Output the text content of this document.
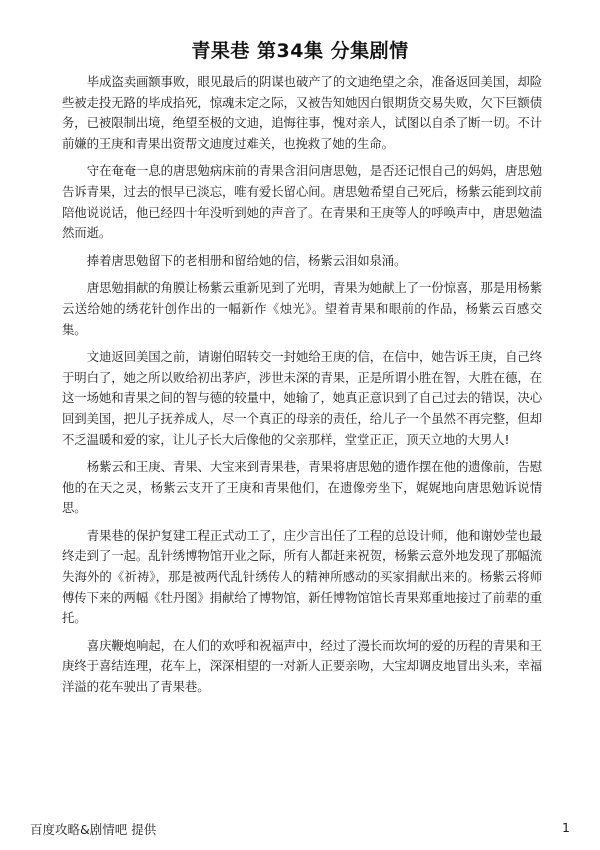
青果巷 第34集 分集剧情

毕成盗卖画额事败，眼见最后的阴谋也破产了的文迪绝望之余，准备返回美国，却险些被走投无路的毕成掐死，惊魂未定之际，又被告知她因白银期货交易失败，欠下巨额债务，已被限制出境，绝望至极的文迪，追悔往事，愧对亲人，试图以自杀了断一切。不计前嫌的王庚和青果出资帮文迪度过难关，也挽救了她的生命。

守在奄奄一息的唐思勉病床前的青果含泪问唐思勉，是否还记恨自己的妈妈，唐思勉告诉青果，过去的恨早已淡忘，唯有爱长留心间。唐思勉希望自己死后，杨紫云能到坟前陪他说说话，他已经四十年没听到她的声音了。在青果和王庚等人的呼唤声中，唐思勉溘然而逝。

捧着唐思勉留下的老相册和留给她的信，杨紫云泪如泉涌。

唐思勉捐献的角膜让杨紫云重新见到了光明，青果为她献上了一份惊喜，那是用杨紫云送给她的绣花针创作出的一幅新作《烛光》。望着青果和眼前的作品，杨紫云百感交集。

文迪返回美国之前，请谢伯昭转交一封她给王庚的信，在信中，她告诉王庚，自己终于明白了，她之所以败给初出茅庐，涉世未深的青果，正是所谓小胜在智，大胜在德，在这一场她和青果之间的智与德的较量中，她输了，她真正意识到了自己过去的错误，决心回到美国，把儿子抚养成人，尽一个真正的母亲的责任，给儿子一个虽然不再完整，但却不乏温暖和爱的家，让儿子长大后像他的父亲那样，堂堂正正，顶天立地的大男人!

杨紫云和王庚、青果、大宝来到青果巷，青果将唐思勉的遗作摆在他的遗像前，告慰他的在天之灵，杨紫云支开了王庚和青果他们，在遗像旁坐下，娓娓地向唐思勉诉说情思。

青果巷的保护复建工程正式动工了，庄少言出任了工程的总设计师，他和谢妙莹也最终走到了一起。乱针绣博物馆开业之际，所有人都赶来祝贺，杨紫云意外地发现了那幅流失海外的《祈祷》，那是被两代乱针绣传人的精神所感动的买家捐献出来的。杨紫云将师傅传下来的两幅《牡丹图》捐献给了博物馆，新任博物馆馆长青果郑重地接过了前辈的重托。

喜庆鞭炮响起，在人们的欢呼和祝福声中，经过了漫长而坎坷的爱的历程的青果和王庚终于喜结连理，花车上，深深相望的一对新人正要亲吻，大宝却调皮地冒出头来，幸福洋溢的花车驶出了青果巷。

百度攻略&剧情吧 提供	1
